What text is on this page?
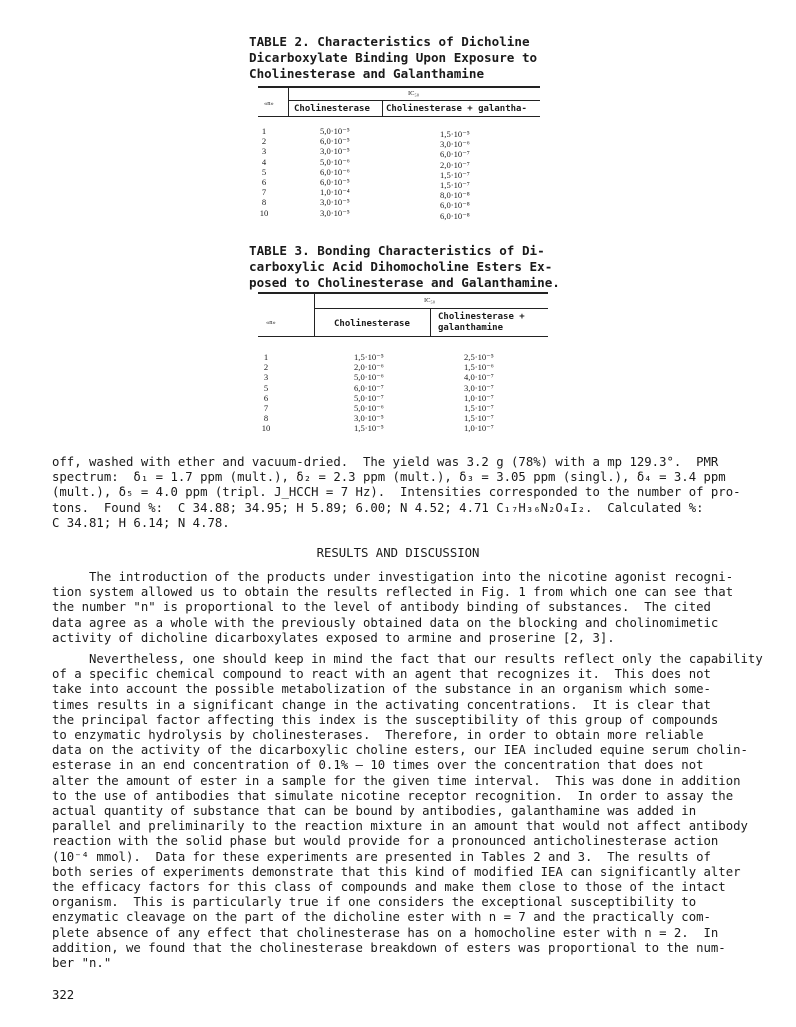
TABLE 2. Characteristics of Dicholine
Dicarboxylate Binding Upon Exposure to
Cholinesterase and Galanthamine
IC₅₀
«n»
Cholinesterase Cholinesterase + galantha-
1
2
3
4
5
6
7
8
10
5,0·10⁻⁵
6,0·10⁻⁵
3,0·10⁻⁵
5,0·10⁻⁶
6,0·10⁻⁶
6,0·10⁻⁵
1,0·10⁻⁴
3,0·10⁻⁵
3,0·10⁻⁵
1,5·10⁻⁵
3,0·10⁻⁶
6,0·10⁻⁷
2,0·10⁻⁷
1,5·10⁻⁷
1,5·10⁻⁷
8,0·10⁻⁸
6,0·10⁻⁸
6,0·10⁻⁸
TABLE 3. Bonding Characteristics of Di-
carboxylic Acid Dihomocholine Esters Ex-
posed to Cholinesterase and Galanthamine.
IC₅₀
«n»	Cholinesterase
Cholinesterase +
galanthamine
1
2
3
5
6
7
8
10
1,5·10⁻⁵
2,0·10⁻⁶
5,0·10⁻⁶
6,0·10⁻⁷
5,0·10⁻⁷
5,0·10⁻⁶
3,0·10⁻⁵
1,5·10⁻⁵
2,5·10⁻⁵
1,5·10⁻⁶
4,0·10⁻⁷
3,0·10⁻⁷
1,0·10⁻⁷
1,5·10⁻⁷
1,5·10⁻⁷
1,0·10⁻⁷
off, washed with ether and vacuum-dried.  The yield was 3.2 g (78%) with a mp 129.3°.  PMR
spectrum:  δ₁ = 1.7 ppm (mult.), δ₂ = 2.3 ppm (mult.), δ₃ = 3.05 ppm (singl.), δ₄ = 3.4 ppm
(mult.), δ₅ = 4.0 ppm (tripl. J_HCCH = 7 Hz).  Intensities corresponded to the number of pro-
tons.  Found %:  C 34.88; 34.95; H 5.89; 6.00; N 4.52; 4.71 C₁₇H₃₆N₂O₄I₂.  Calculated %:
C 34.81; H 6.14; N 4.78.
RESULTS AND DISCUSSION
The introduction of the products under investigation into the nicotine agonist recogni-
tion system allowed us to obtain the results reflected in Fig. 1 from which one can see that
the number "n" is proportional to the level of antibody binding of substances.  The cited
data agree as a whole with the previously obtained data on the blocking and cholinomimetic
activity of dicholine dicarboxylates exposed to armine and proserine [2, 3].
Nevertheless, one should keep in mind the fact that our results reflect only the capability
of a specific chemical compound to react with an agent that recognizes it.  This does not
take into account the possible metabolization of the substance in an organism which some-
times results in a significant change in the activating concentrations.  It is clear that
the principal factor affecting this index is the susceptibility of this group of compounds
to enzymatic hydrolysis by cholinesterases.  Therefore, in order to obtain more reliable
data on the activity of the dicarboxylic choline esters, our IEA included equine serum cholin-
esterase in an end concentration of 0.1% — 10 times over the concentration that does not
alter the amount of ester in a sample for the given time interval.  This was done in addition
to the use of antibodies that simulate nicotine receptor recognition.  In order to assay the
actual quantity of substance that can be bound by antibodies, galanthamine was added in
parallel and preliminarily to the reaction mixture in an amount that would not affect antibody
reaction with the solid phase but would provide for a pronounced anticholinesterase action
(10⁻⁴ mmol).  Data for these experiments are presented in Tables 2 and 3.  The results of
both series of experiments demonstrate that this kind of modified IEA can significantly alter
the efficacy factors for this class of compounds and make them close to those of the intact
organism.  This is particularly true if one considers the exceptional susceptibility to
enzymatic cleavage on the part of the dicholine ester with n = 7 and the practically com-
plete absence of any effect that cholinesterase has on a homocholine ester with n = 2.  In
addition, we found that the cholinesterase breakdown of esters was proportional to the num-
ber "n."
322
